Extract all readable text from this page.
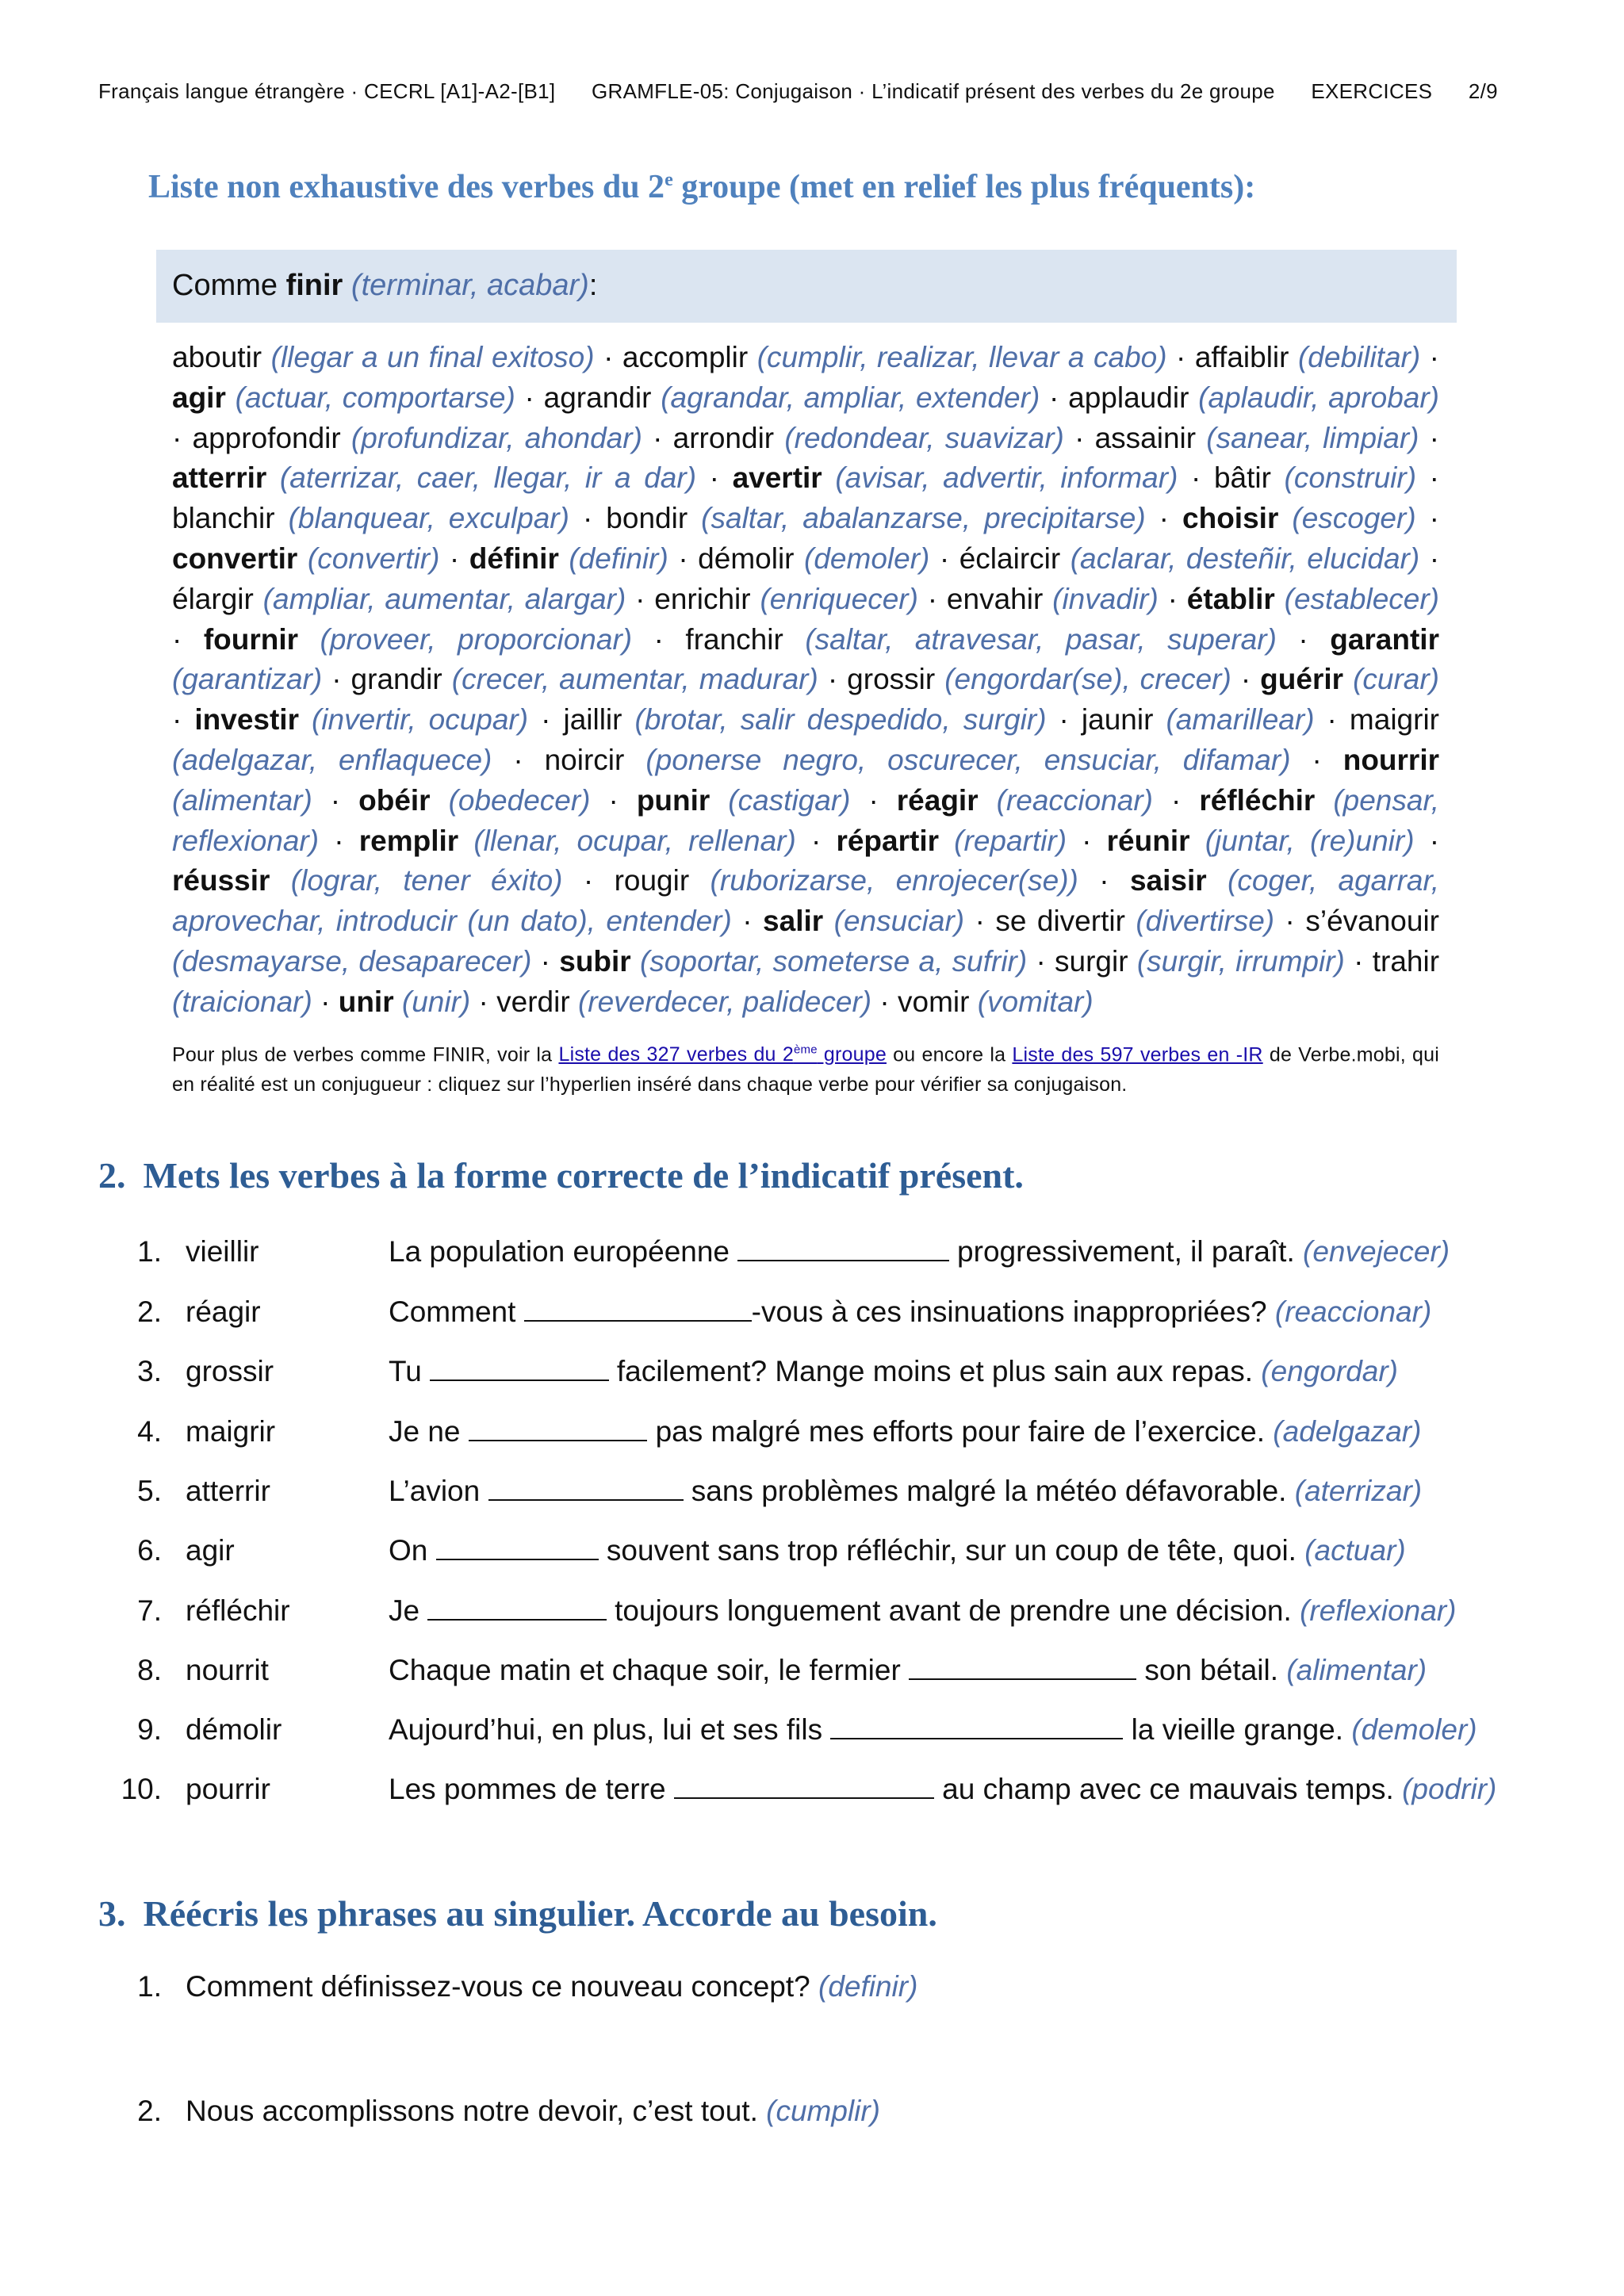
Français langue étrangère · CECRL [A1]-A2-[B1] GRAMFLE-05: Conjugaison · L’indicatif présent des verbes du 2e groupe EXERCICES 2/9
Liste non exhaustive des verbes du 2e groupe (met en relief les plus fréquents):
Comme finir (terminar, acabar):
aboutir (llegar a un final exitoso) · accomplir (cumplir, realizar, llevar a cabo) · affaiblir (debilitar) · agir (actuar, comportarse) · agrandir (agrandar, ampliar, extender) · applaudir (aplaudir, aprobar) · approfondir (profundizar, ahondar) · arrondir (redondear, suavizar) · assainir (sanear, limpiar) · atterrir (aterrizar, caer, llegar, ir a dar) · avertir (avisar, advertir, informar) · bâtir (construir) · blanchir (blanquear, exculpar) · bondir (saltar, abalanzarse, precipitarse) · choisir (escoger) · convertir (convertir) · définir (definir) · démolir (demoler) · éclaircir (aclarar, desteñir, elucidar) · élargir (ampliar, aumentar, alargar) · enrichir (enriquecer) · envahir (invadir) · établir (establecer) · fournir (proveer, proporcionar) · franchir (saltar, atravesar, pasar, superar) · garantir (garantizar) · grandir (crecer, aumentar, madurar) · grossir (engordar(se), crecer) · guérir (curar) · investir (invertir, ocupar) · jaillir (brotar, salir despedido, surgir) · jaunir (amarillear) · maigrir (adelgazar, enflaquece) · noircir (ponerse negro, oscurecer, ensuciar, difamar) · nourrir (alimentar) · obéir (obedecer) · punir (castigar) · réagir (reaccionar) · réfléchir (pensar, reflexionar) · remplir (llenar, ocupar, rellenar) · répartir (repartir) · réunir (juntar, (re)unir) · réussir (lograr, tener éxito) · rougir (ruborizarse, enrojecer(se)) · saisir (coger, agarrar, aprovechar, introducir (un dato), entender) · salir (ensuciar) · se divertir (divertirse) · s’évanouir (desmayarse, desaparecer) · subir (soportar, someterse a, sufrir) · surgir (surgir, irrumpir) · trahir (traicionar) · unir (unir) · verdir (reverdecer, palidecer) · vomir (vomitar)
Pour plus de verbes comme FINIR, voir la Liste des 327 verbes du 2ème groupe ou encore la Liste des 597 verbes en -IR de Verbe.mobi, qui en réalité est un conjugueur : cliquez sur l’hyperlien inséré dans chaque verbe pour vérifier sa conjugaison.
2. Mets les verbes à la forme correcte de l’indicatif présent.
1. vieillir	La population européenne	progressivement, il paraît. (envejecer)
2. réagir	Comment	-vous à ces insinuations inappropriées? (reaccionar)
3. grossir	Tu	facilement? Mange moins et plus sain aux repas. (engordar)
4. maigrir	Je ne	pas malgré mes efforts pour faire de l’exercice. (adelgazar)
5. atterrir	L’avion	sans problèmes malgré la météo défavorable. (aterrizar)
6. agir	On	souvent sans trop réfléchir, sur un coup de tête, quoi. (actuar)
7. réfléchir	Je	toujours longuement avant de prendre une décision. (reflexionar)
8. nourrit	Chaque matin et chaque soir, le fermier	son bétail. (alimentar)
9. démolir	Aujourd’hui, en plus, lui et ses fils	la vieille grange. (demoler)
10. pourrir	Les pommes de terre	au champ avec ce mauvais temps. (podrir)
3. Réécris les phrases au singulier. Accorde au besoin.
1. Comment définissez-vous ce nouveau concept? (definir)
2. Nous accomplissons notre devoir, c’est tout. (cumplir)
